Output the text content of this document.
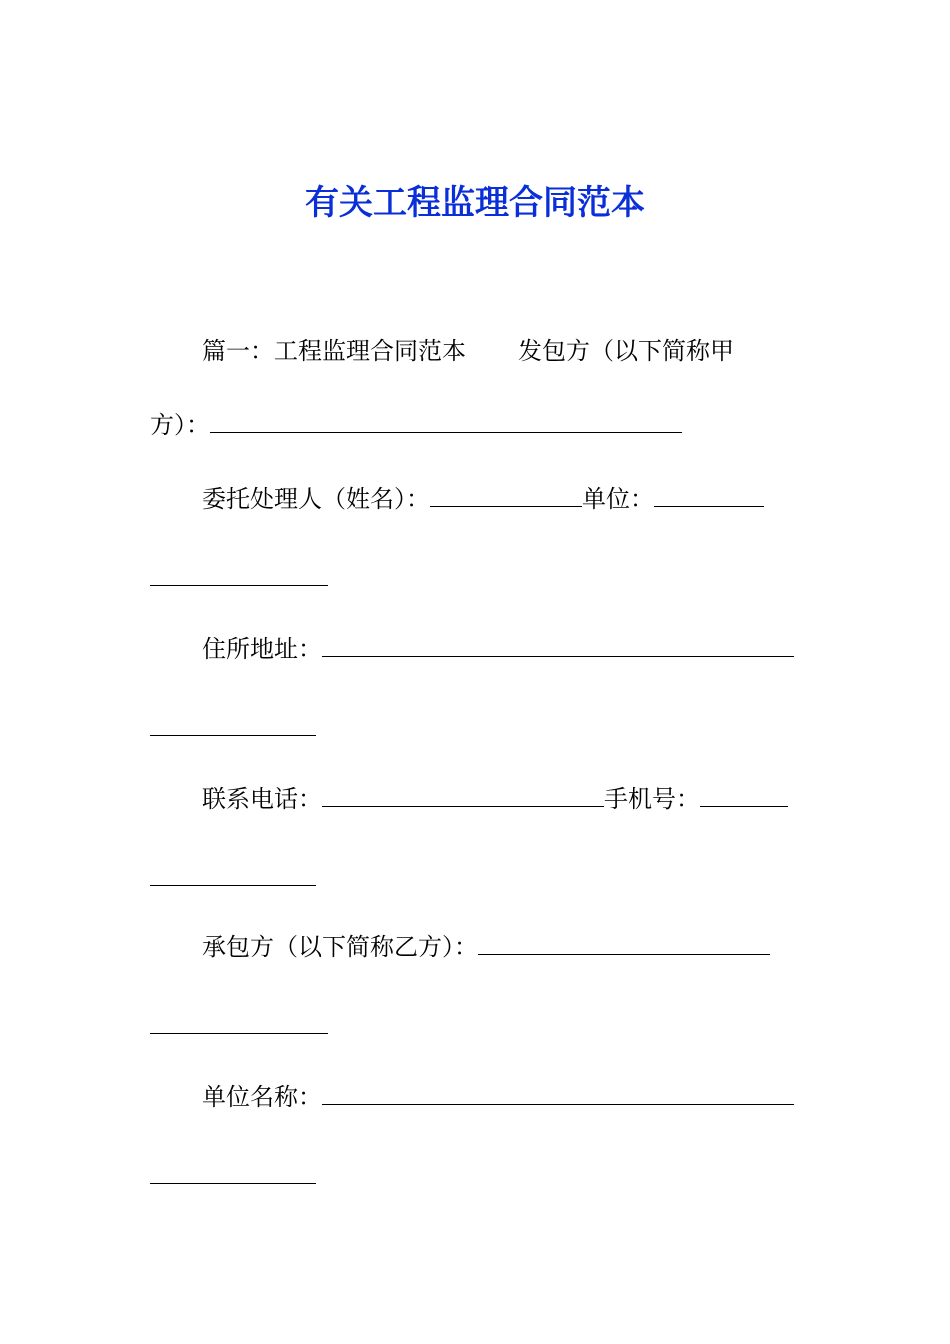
有关工程监理合同范本
篇一：工程监理合同范本 发包方（以下简称甲
方）：
委托处理人（姓名）：	单位：
住所地址：
联系电话：	手机号：
承包方（以下简称乙方）：
单位名称：
